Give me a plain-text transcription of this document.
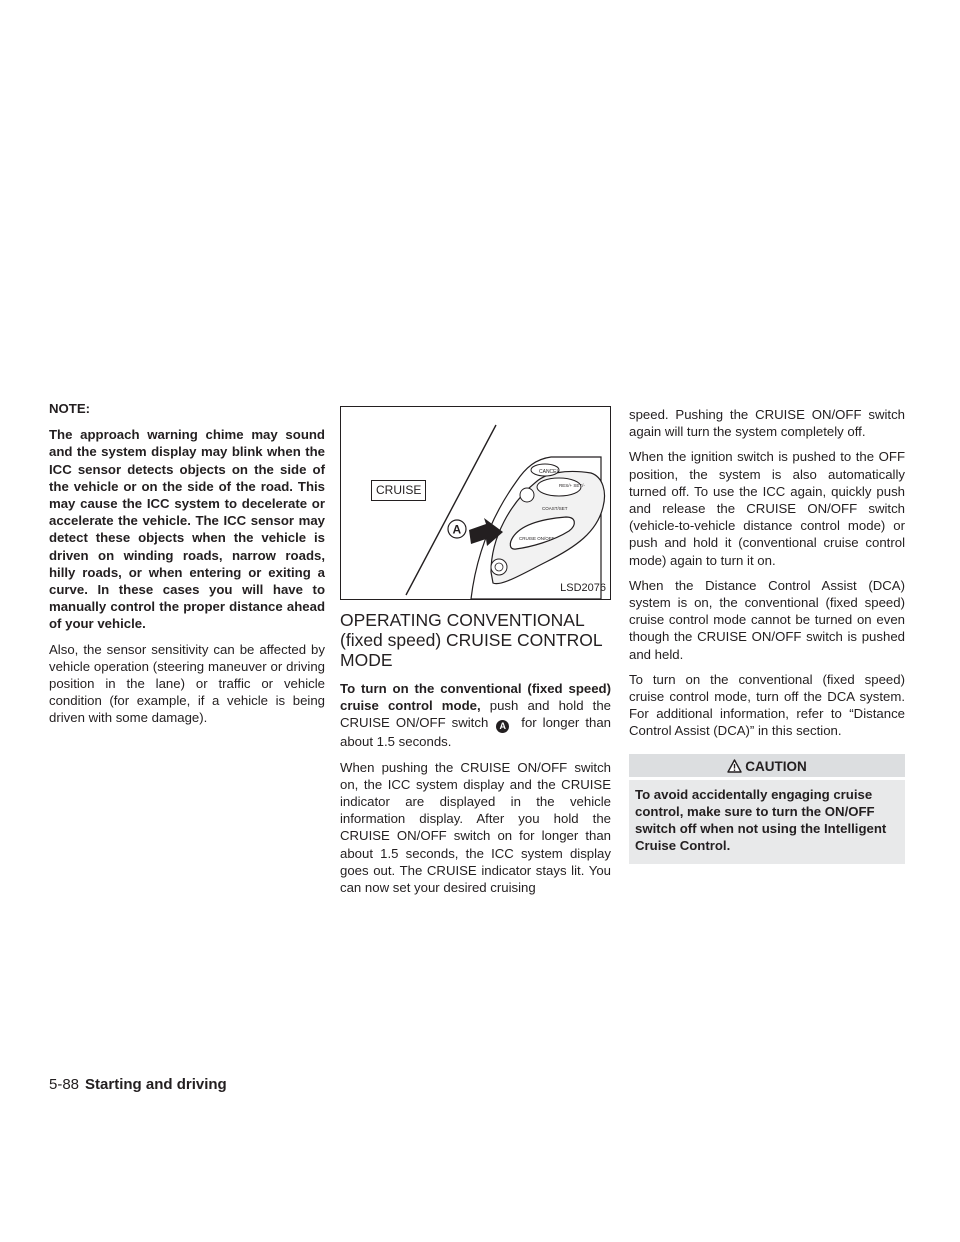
NOTE:

The approach warning chime may sound and the system display may blink when the ICC sensor detects objects on the side of the vehicle or on the side of the road. This may cause the ICC system to decelerate or accelerate the vehicle. The ICC sensor may detect these objects when the vehicle is driven on winding roads, narrow roads, hilly roads, or when entering or exiting a curve. In these cases you will have to manually control the proper distance ahead of your vehicle.

Also, the sensor sensitivity can be affected by vehicle operation (steering maneuver or driving position in the lane) or traffic or vehicle condition (for example, if a vehicle is being driven with some damage).

CANCEL
RES/+ SET/-
COAST/SET
CRUISE ON/OFF
A
CRUISE
LSD2076
OPERATING CONVENTIONAL (fixed speed) CRUISE CONTROL MODE

To turn on the conventional (fixed speed) cruise control mode, push and hold the CRUISE ON/OFF switch A for longer than about 1.5 seconds.

When pushing the CRUISE ON/OFF switch on, the ICC system display and the CRUISE indicator are displayed in the vehicle information display. After you hold the CRUISE ON/OFF switch on for longer than about 1.5 seconds, the ICC system display goes out. The CRUISE indicator stays lit. You can now set your desired cruising

speed. Pushing the CRUISE ON/OFF switch again will turn the system completely off.

When the ignition switch is pushed to the OFF position, the system is also automatically turned off. To use the ICC again, quickly push and release the CRUISE ON/OFF switch (vehicle-to-vehicle distance control mode) or push and hold it (conventional cruise control mode) again to turn it on.

When the Distance Control Assist (DCA) system is on, the conventional (fixed speed) cruise control mode cannot be turned on even though the CRUISE ON/OFF switch is pushed and held.

To turn on the conventional (fixed speed) cruise control mode, turn off the DCA system. For additional information, refer to “Distance Control Assist (DCA)” in this section.

CAUTION
To avoid accidentally engaging cruise control, make sure to turn the ON/OFF switch off when not using the Intelligent Cruise Control.
5-88 Starting and driving
